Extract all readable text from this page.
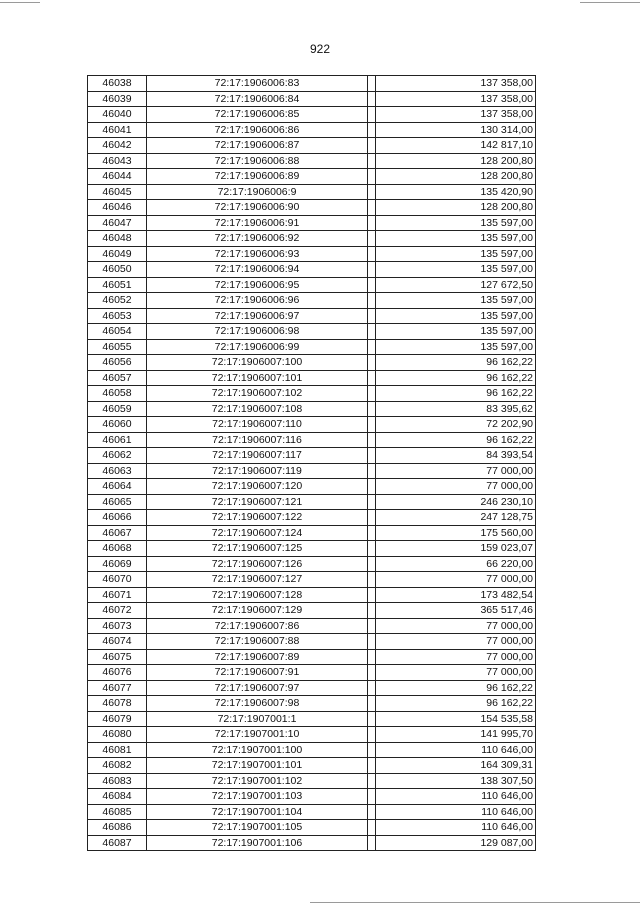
922
46038	72:17:1906006:83		137 358,00
46039	72:17:1906006:84		137 358,00
46040	72:17:1906006:85		137 358,00
46041	72:17:1906006:86		130 314,00
46042	72:17:1906006:87		142 817,10
46043	72:17:1906006:88		128 200,80
46044	72:17:1906006:89		128 200,80
46045	72:17:1906006:9		135 420,90
46046	72:17:1906006:90		128 200,80
46047	72:17:1906006:91		135 597,00
46048	72:17:1906006:92		135 597,00
46049	72:17:1906006:93		135 597,00
46050	72:17:1906006:94		135 597,00
46051	72:17:1906006:95		127 672,50
46052	72:17:1906006:96		135 597,00
46053	72:17:1906006:97		135 597,00
46054	72:17:1906006:98		135 597,00
46055	72:17:1906006:99		135 597,00
46056	72:17:1906007:100		96 162,22
46057	72:17:1906007:101		96 162,22
46058	72:17:1906007:102		96 162,22
46059	72:17:1906007:108		83 395,62
46060	72:17:1906007:110		72 202,90
46061	72:17:1906007:116		96 162,22
46062	72:17:1906007:117		84 393,54
46063	72:17:1906007:119		77 000,00
46064	72:17:1906007:120		77 000,00
46065	72:17:1906007:121		246 230,10
46066	72:17:1906007:122		247 128,75
46067	72:17:1906007:124		175 560,00
46068	72:17:1906007:125		159 023,07
46069	72:17:1906007:126		66 220,00
46070	72:17:1906007:127		77 000,00
46071	72:17:1906007:128		173 482,54
46072	72:17:1906007:129		365 517,46
46073	72:17:1906007:86		77 000,00
46074	72:17:1906007:88		77 000,00
46075	72:17:1906007:89		77 000,00
46076	72:17:1906007:91		77 000,00
46077	72:17:1906007:97		96 162,22
46078	72:17:1906007:98		96 162,22
46079	72:17:1907001:1		154 535,58
46080	72:17:1907001:10		141 995,70
46081	72:17:1907001:100		110 646,00
46082	72:17:1907001:101		164 309,31
46083	72:17:1907001:102		138 307,50
46084	72:17:1907001:103		110 646,00
46085	72:17:1907001:104		110 646,00
46086	72:17:1907001:105		110 646,00
46087	72:17:1907001:106		129 087,00
